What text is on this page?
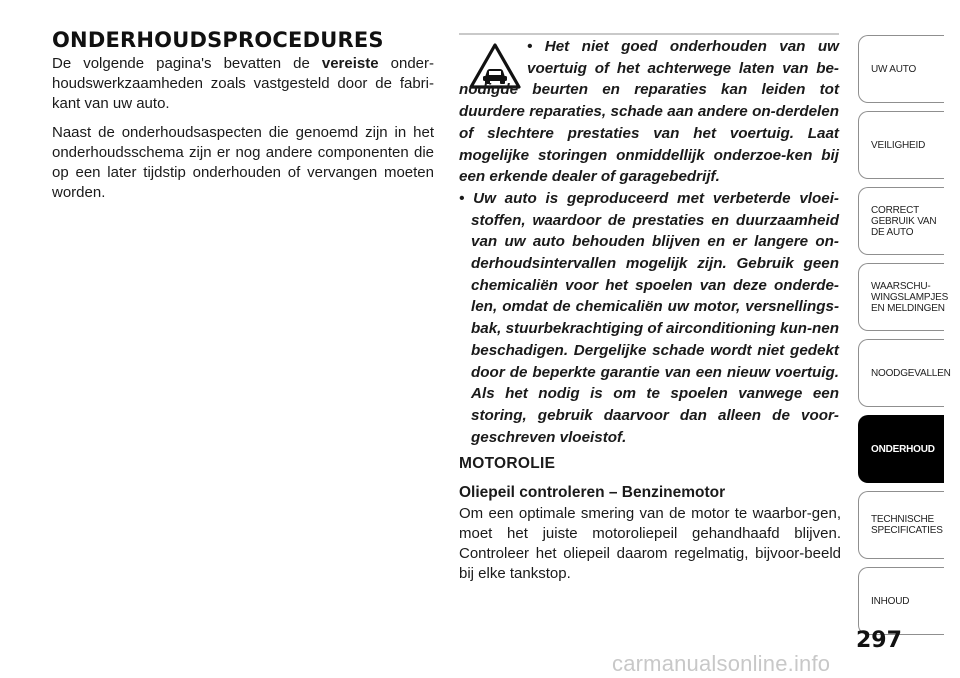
ONDERHOUDSPROCEDURES

De volgende pagina's bevatten de vereiste onder-houdswerkzaamheden zoals vastgesteld door de fabri-kant van uw auto.

Naast de onderhoudsaspecten die genoemd zijn in het onderhoudsschema zijn er nog andere componenten die op een later tijdstip onderhouden of vervangen moeten worden.

• Het niet goed onderhouden van uw voertuig of het achterwege laten van be-nodigde beurten en reparaties kan leiden tot duurdere reparaties, schade aan andere on-derdelen of slechtere prestaties van het voertuig. Laat mogelijke storingen onmiddellijk onderzoe-ken bij een erkende dealer of garagebedrijf.

• Uw auto is geproduceerd met verbeterde vloei-stoffen, waardoor de prestaties en duurzaamheid van uw auto behouden blijven en er langere on-derhoudsintervallen mogelijk zijn. Gebruik geen chemicaliën voor het spoelen van deze onderde-len, omdat de chemicaliën uw motor, versnellings-bak, stuurbekrachtiging of airconditioning kun-nen beschadigen. Dergelijke schade wordt niet gedekt door de beperkte garantie van een nieuw voertuig. Als het nodig is om te spoelen vanwege een storing, gebruik daarvoor dan alleen de voor-geschreven vloeistof.

MOTOROLIE
Oliepeil controleren – Benzinemotor

Om een optimale smering van de motor te waarbor-gen, moet het juiste motoroliepeil gehandhaafd blijven. Controleer het oliepeil daarom regelmatig, bijvoor-beeld bij elke tankstop.

UW AUTO
VEILIGHEID
CORRECT
GEBRUIK VAN
DE AUTO
WAARSCHU-
WINGSLAMPJES
EN MELDINGEN
NOODGEVALLEN
ONDERHOUD
TECHNISCHE
SPECIFICATIES
INHOUD

297

carmanualsonline.info
